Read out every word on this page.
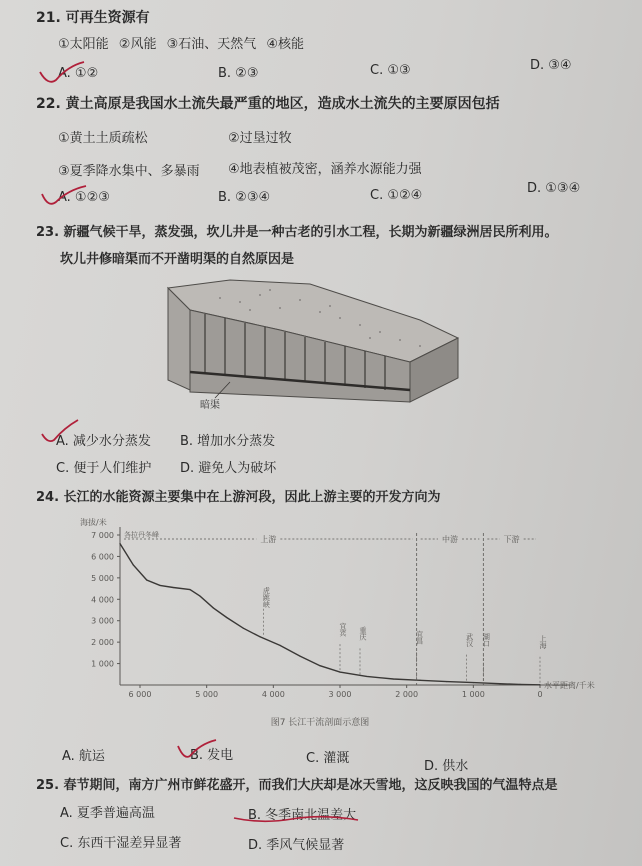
21. 可再生资源有
①太阳能 ②风能 ③石油、天然气 ④核能
A. ①②	B. ②③	C. ①③	D. ③④
22. 黄土高原是我国水土流失最严重的地区，造成水土流失的主要原因包括
①黄土土质疏松	②过垦过牧
③夏季降水集中、多暴雨 ④地表植被茂密，涵养水源能力强
A. ①②③	B. ②③④	C. ①②④	D. ①③④
23. 新疆气候干旱，蒸发强，坎儿井是一种古老的引水工程，长期为新疆绿洲居民所利用。
坎儿井修暗渠而不开凿明渠的自然原因是
暗渠
A. 减少水分蒸发 B. 增加水分蒸发
C. 便于人们维护 D. 避免人为破坏
24. 长江的水能资源主要集中在上游河段，因此上游主要的开发方向为
海拔/米
水平距离/千米
7 000
6 000
5 000
4 000
3 000
2 000
1 000
6 000	5 000	4 000	3 000	2 000	1 000	0
上游	中游	下游
各拉丹冬峰
虎跳峡
宜宾 重庆	宜昌	武汉 湖口	上海
图7 长江干流剖面示意图
A. 航运	B. 发电	C. 灌溉
D. 供水
25. 春节期间，南方广州市鲜花盛开，而我们大庆却是冰天雪地，这反映我国的气温特点是
A. 夏季普遍高温	B. 冬季南北温差大
C. 东西干湿差异显著	D. 季风气候显著
